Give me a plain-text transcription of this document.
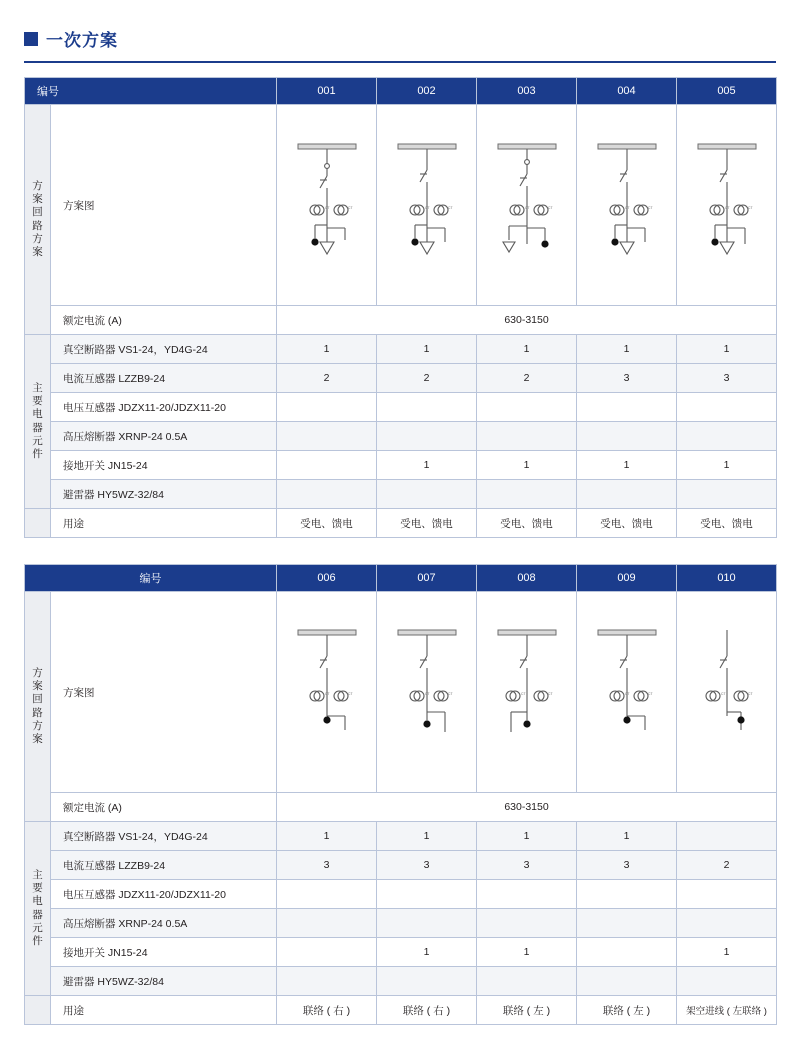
一次方案
编号		001	002	003	004	005

方案回路方案	方案图	CT CT	CT CT	CT CT	CT CT	CT CT

	额定电流 (A)	630-3150				

主要电器元件	真空断路器 VS1-24，YD4G-24	1	1	1	1	1
	电流互感器 LZZB9-24	2	2	2	3	3
	电压互感器 JDZX11-20/JDZX11-20					
	高压熔断器 XRNP-24 0.5A					
	接地开关 JN15-24		1	1	1	1
	避雷器 HY5WZ-32/84					
	用途	受电、馈电	受电、馈电	受电、馈电	受电、馈电	受电、馈电
编号		006	007	008	009	010

方案回路方案	方案图	CT CT	CT CT	CT CT	CT CT	CT CT

	额定电流 (A)	630-3150				

主要电器元件	真空断路器 VS1-24，YD4G-24	1	1	1	1	
	电流互感器 LZZB9-24	3	3	3	3	2
	电压互感器 JDZX11-20/JDZX11-20					
	高压熔断器 XRNP-24 0.5A					
	接地开关 JN15-24		1	1		1
	避雷器 HY5WZ-32/84					
	用途	联络 ( 右 )	联络 ( 右 )	联络 ( 左 )	联络 ( 左 )	架空进线 ( 左联络 )
